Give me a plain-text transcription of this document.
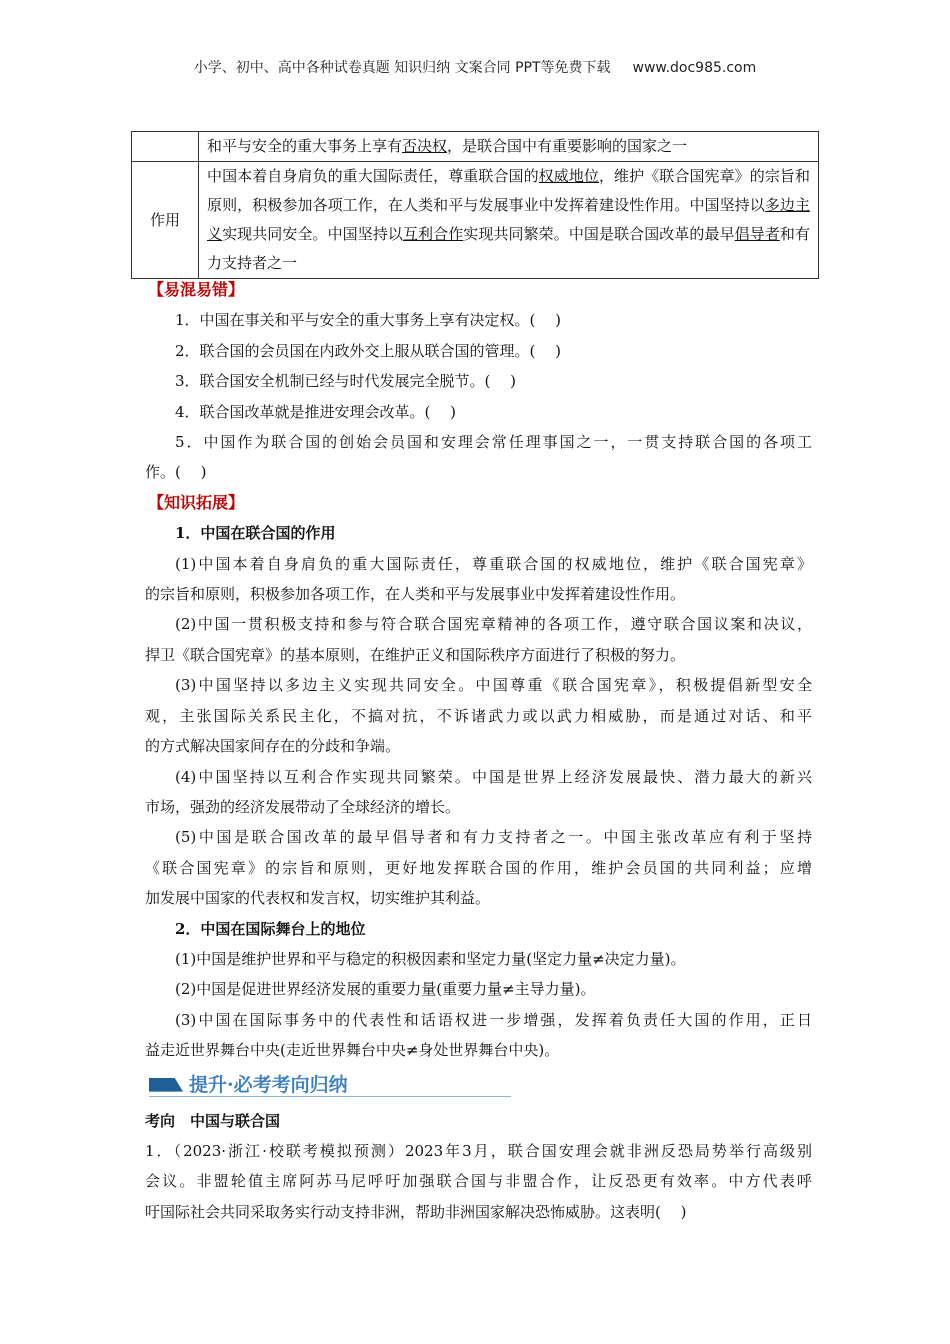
小学、初中、高中各种试卷真题 知识归纳 文案合同 PPT等免费下载 www.doc985.com
	和平与安全的重大事务上享有否决权，是联合国中有重要影响的国家之一
作用	中国本着自身肩负的重大国际责任，尊重联合国的权威地位，维护《联合国宪章》的宗旨和原则，积极参加各项工作，在人类和平与发展事业中发挥着建设性作用。中国坚持以多边主义实现共同安全。中国坚持以互利合作实现共同繁荣。中国是联合国改革的最早倡导者和有力支持者之一
【易混易错】
1．中国在事关和平与安全的重大事务上享有决定权。(　 )
2．联合国的会员国在内政外交上服从联合国的管理。(　 )
3．联合国安全机制已经与时代发展完全脱节。(　 )
4．联合国改革就是推进安理会改革。(　 )
5．中国作为联合国的创始会员国和安理会常任理事国之一，一贯支持联合国的各项工
作。(　 )
【知识拓展】
1．中国在联合国的作用
(1)中国本着自身肩负的重大国际责任，尊重联合国的权威地位，维护《联合国宪章》
的宗旨和原则，积极参加各项工作，在人类和平与发展事业中发挥着建设性作用。
(2)中国一贯积极支持和参与符合联合国宪章精神的各项工作，遵守联合国议案和决议，
捍卫《联合国宪章》的基本原则，在维护正义和国际秩序方面进行了积极的努力。
(3)中国坚持以多边主义实现共同安全。中国尊重《联合国宪章》，积极提倡新型安全
观，主张国际关系民主化，不搞对抗，不诉诸武力或以武力相威胁，而是通过对话、和平
的方式解决国家间存在的分歧和争端。
(4)中国坚持以互利合作实现共同繁荣。中国是世界上经济发展最快、潜力最大的新兴
市场，强劲的经济发展带动了全球经济的增长。
(5)中国是联合国改革的最早倡导者和有力支持者之一。中国主张改革应有利于坚持
《联合国宪章》的宗旨和原则，更好地发挥联合国的作用，维护会员国的共同利益；应增
加发展中国家的代表权和发言权，切实维护其利益。
2．中国在国际舞台上的地位
(1)中国是维护世界和平与稳定的积极因素和坚定力量(坚定力量≠决定力量)。
(2)中国是促进世界经济发展的重要力量(重要力量≠主导力量)。
(3)中国在国际事务中的代表性和话语权进一步增强，发挥着负责任大国的作用，正日
益走近世界舞台中央(走近世界舞台中央≠身处世界舞台中央)。
提升·必考考向归纳
考向　中国与联合国
1．（2023·浙江·校联考模拟预测）2023年3月，联合国安理会就非洲反恐局势举行高级别
会议。非盟轮值主席阿苏马尼呼吁加强联合国与非盟合作，让反恐更有效率。中方代表呼
吁国际社会共同采取务实行动支持非洲，帮助非洲国家解决恐怖威胁。这表明(　 )
